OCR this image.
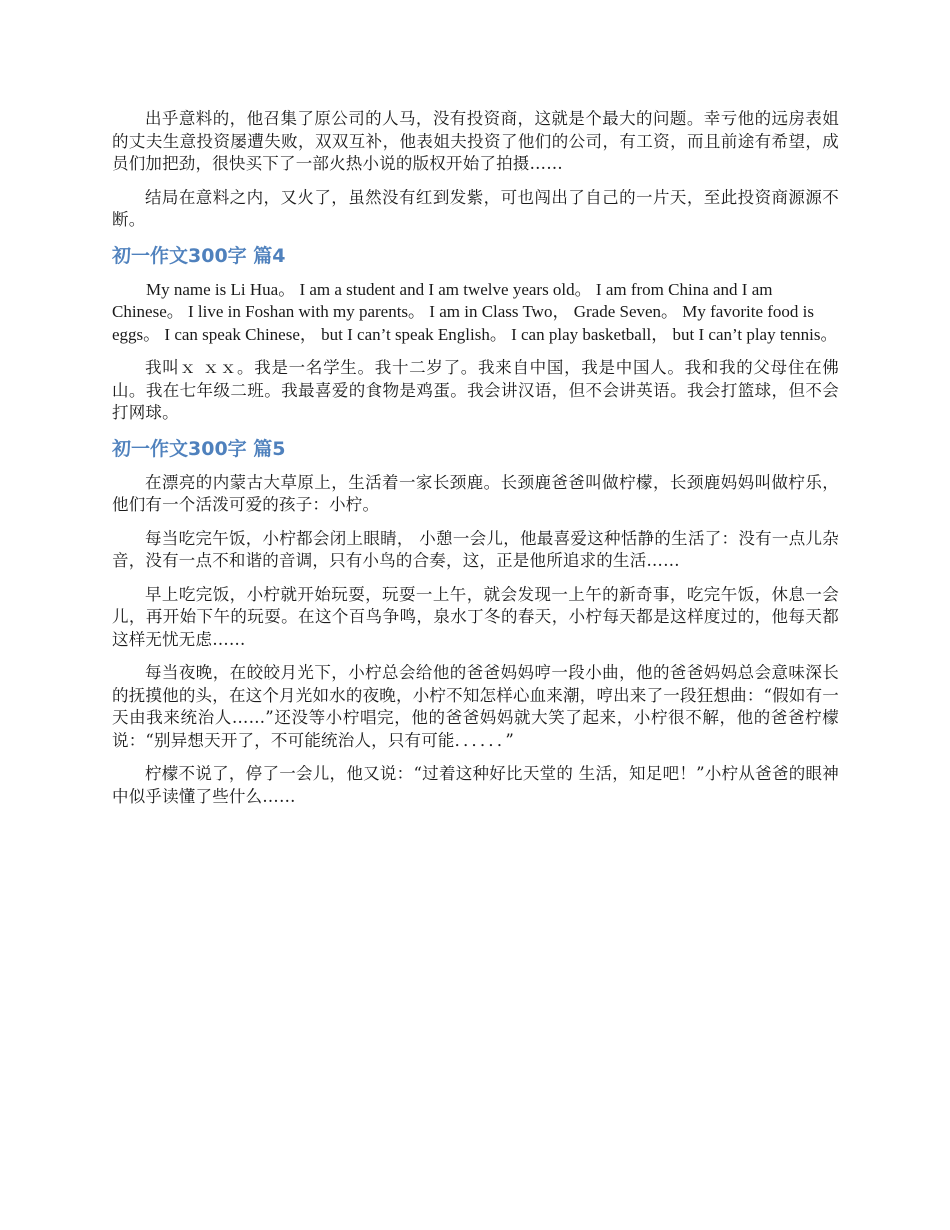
出乎意料的，他召集了原公司的人马，没有投资商，这就是个最大的问题。幸亏他的远房表姐的丈夫生意投资屡遭失败，双双互补，他表姐夫投资了他们的公司，有工资，而且前途有希望，成员们加把劲，很快买下了一部火热小说的版权开始了拍摄……

结局在意料之内，又火了，虽然没有红到发紫，可也闯出了自己的一片天，至此投资商源源不断。

初一作文300字 篇4

My name is Li Hua。 I am a student and I am twelve years old。 I am from China and I am Chinese。 I live in Foshan with my parents。 I am in Class Two， Grade Seven。 My favorite food is eggs。 I can speak Chinese， but I can’t speak English。 I can play basketball， but I can’t play tennis。

我叫ｘ ｘｘ。我是一名学生。我十二岁了。我来自中国，我是中国人。我和我的父母住在佛山。我在七年级二班。我最喜爱的食物是鸡蛋。我会讲汉语，但不会讲英语。我会打篮球，但不会打网球。

初一作文300字 篇5

在漂亮的内蒙古大草原上，生活着一家长颈鹿。长颈鹿爸爸叫做柠檬，长颈鹿妈妈叫做柠乐，他们有一个活泼可爱的孩子：小柠。

每当吃完午饭，小柠都会闭上眼睛， 小憩一会儿，他最喜爱这种恬静的生活了：没有一点儿杂音，没有一点不和谐的音调，只有小鸟的合奏，这，正是他所追求的生活……

早上吃完饭，小柠就开始玩耍，玩耍一上午，就会发现一上午的新奇事，吃完午饭，休息一会儿，再开始下午的玩耍。在这个百鸟争鸣，泉水丁冬的春天，小柠每天都是这样度过的，他每天都这样无忧无虑……

每当夜晚，在皎皎月光下，小柠总会给他的爸爸妈妈哼一段小曲，他的爸爸妈妈总会意味深长的抚摸他的头，在这个月光如水的夜晚，小柠不知怎样心血来潮，哼出来了一段狂想曲：“假如有一天由我来统治人……”还没等小柠唱完，他的爸爸妈妈就大笑了起来，小柠很不解，他的爸爸柠檬说：“别异想天开了，不可能统治人，只有可能．．．．．．”

柠檬不说了，停了一会儿，他又说：“过着这种好比天堂的 生活，知足吧！”小柠从爸爸的眼神中似乎读懂了些什么……
